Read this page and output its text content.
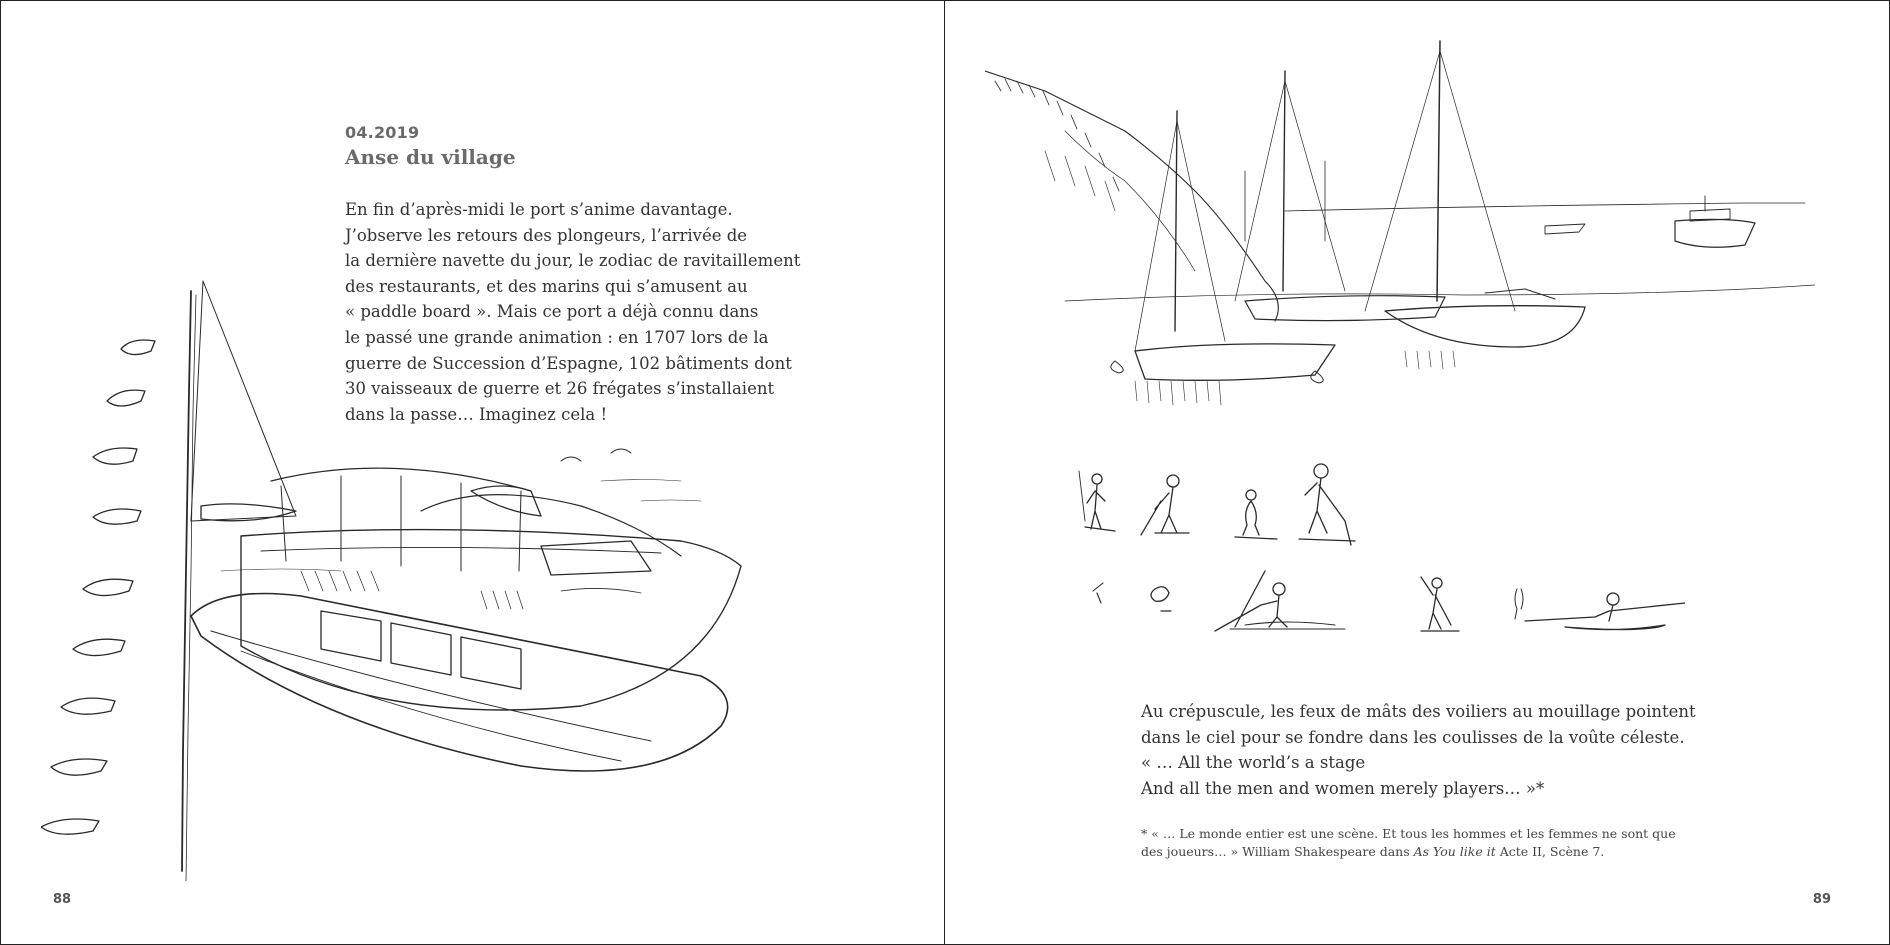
04.2019
Anse du village
En fin d’après-midi le port s’anime davantage.
J’observe les retours des plongeurs, l’arrivée de
la dernière navette du jour, le zodiac de ravitaillement
des restaurants, et des marins qui s’amusent au
« paddle board ». Mais ce port a déjà connu dans
le passé une grande animation : en 1707 lors de la
guerre de Succession d’Espagne, 102 bâtiments dont
30 vaisseaux de guerre et 26 frégates s’installaient
dans la passe… Imaginez cela !
88
Au crépuscule, les feux de mâts des voiliers au mouillage pointent
dans le ciel pour se fondre dans les coulisses de la voûte céleste.
« … All the world’s a stage
And all the men and women merely players… »*
* « … Le monde entier est une scène. Et tous les hommes et les femmes ne sont que
des joueurs… » William Shakespeare dans As You like it Acte II, Scène 7.
89
